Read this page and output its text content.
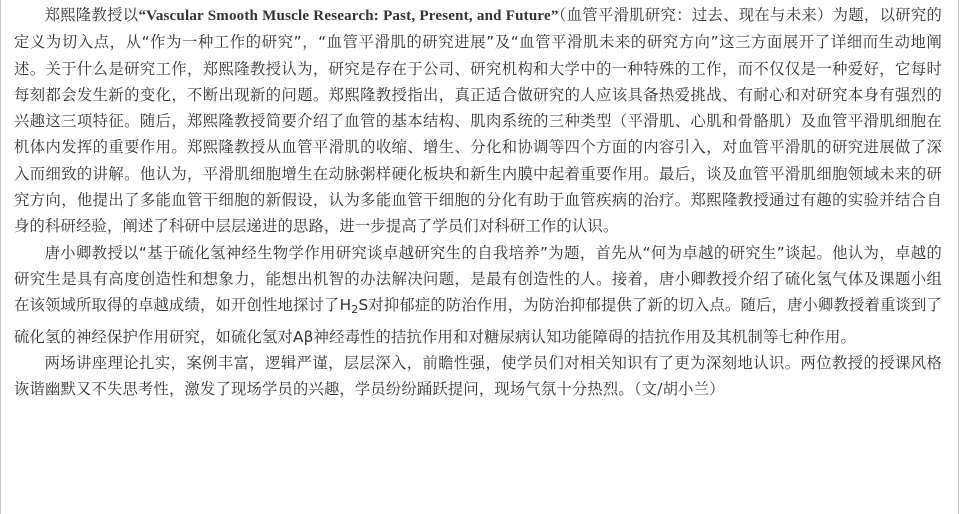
郑熙隆教授以“Vascular Smooth Muscle Research: Past, Present, and Future”（血管平滑肌研究：过去、现在与未来）为题，以研究的定义为切入点，从“作为一种工作的研究”，“血管平滑肌的研究进展”及“血管平滑肌未来的研究方向”这三方面展开了详细而生动地阐述。关于什么是研究工作，郑熙隆教授认为，研究是存在于公司、研究机构和大学中的一种特殊的工作，而不仅仅是一种爱好，它每时每刻都会发生新的变化，不断出现新的问题。郑熙隆教授指出，真正适合做研究的人应该具备热爱挑战、有耐心和对研究本身有强烈的兴趣这三项特征。随后，郑熙隆教授简要介绍了血管的基本结构、肌肉系统的三种类型（平滑肌、心肌和骨骼肌）及血管平滑肌细胞在机体内发挥的重要作用。郑熙隆教授从血管平滑肌的收缩、增生、分化和协调等四个方面的内容引入，对血管平滑肌的研究进展做了深入而细致的讲解。他认为，平滑肌细胞增生在动脉粥样硬化板块和新生内膜中起着重要作用。最后，谈及血管平滑肌细胞领域未来的研究方向，他提出了多能血管干细胞的新假设，认为多能血管干细胞的分化有助于血管疾病的治疗。郑熙隆教授通过有趣的实验并结合自身的科研经验，阐述了科研中层层递进的思路，进一步提高了学员们对科研工作的认识。

唐小卿教授以“基于硫化氢神经生物学作用研究谈卓越研究生的自我培养”为题，首先从“何为卓越的研究生”谈起。他认为，卓越的研究生是具有高度创造性和想象力，能想出机智的办法解决问题，是最有创造性的人。接着，唐小卿教授介绍了硫化氢气体及课题小组在该领域所取得的卓越成绩，如开创性地探讨了$H_2S$对抑郁症的防治作用，为防治抑郁提供了新的切入点。随后，唐小卿教授着重谈到了硫化氢的神经保护作用研究，如硫化氢对Aβ神经毒性的拮抗作用和对糖尿病认知功能障碍的拮抗作用及其机制等七种作用。

两场讲座理论扎实，案例丰富，逻辑严谨，层层深入，前瞻性强，使学员们对相关知识有了更为深刻地认识。两位教授的授课风格诙谐幽默又不失思考性，激发了现场学员的兴趣，学员纷纷踊跃提问，现场气氛十分热烈。（文/胡小兰）
